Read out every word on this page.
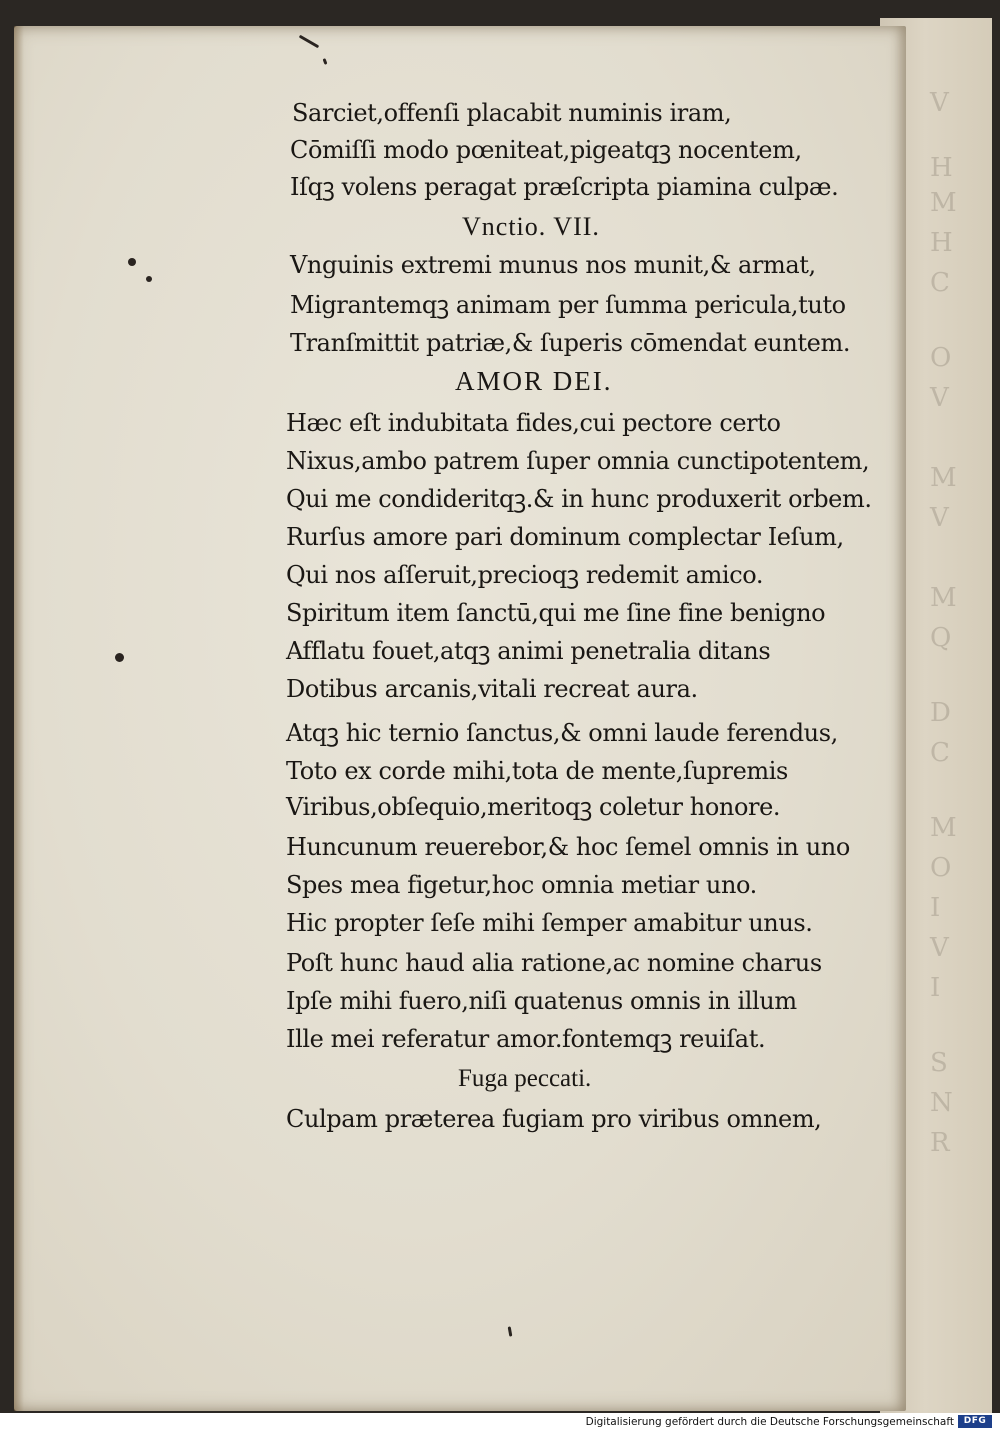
V
H
M
H
C
O
V
M
V
M
Q
D
C
M
O
I
V
I
S
N
R
Sarciet,offenſi placabit numinis iram,
Cōmiſſi modo pœniteat,pigeatqꝫ nocentem,
Iſqꝫ volens peragat præſcripta piamina culpæ.
Vnctio. VII.
Vnguinis extremi munus nos munit,& armat,
Migrantemqꝫ animam per ſumma pericula,tuto
Tranſmittit patriæ,& ſuperis cōmendat euntem.
AMOR DEI.
Hæc eſt indubitata fides,cui pectore certo
Nixus,ambo patrem ſuper omnia cunctipotentem,
Qui me condideritqꝫ.& in hunc produxerit orbem.
Rurſus amore pari dominum complectar Ieſum,
Qui nos aſſeruit,precioqꝫ redemit amico.
Spiritum item ſanctū,qui me ſine fine benigno
Afflatu fouet,atqꝫ animi penetralia ditans
Dotibus arcanis,vitali recreat aura.
Atqꝫ hic ternio ſanctus,& omni laude ferendus,
Toto ex corde mihi,tota de mente,ſupremis
Viribus,obſequio,meritoqꝫ coletur honore.
Huncunum reuerebor,& hoc ſemel omnis in uno
Spes mea figetur,hoc omnia metiar uno.
Hic propter ſeſe mihi ſemper amabitur unus.
Poſt hunc haud alia ratione,ac nomine charus
Ipſe mihi fuero,niſi quatenus omnis in illum
Ille mei referatur amor.fontemqꝫ reuiſat.
Fuga peccati.
Culpam præterea fugiam pro viribus omnem,
Digitalisierung gefördert durch die Deutsche Forschungsgemeinschaft	DFG
